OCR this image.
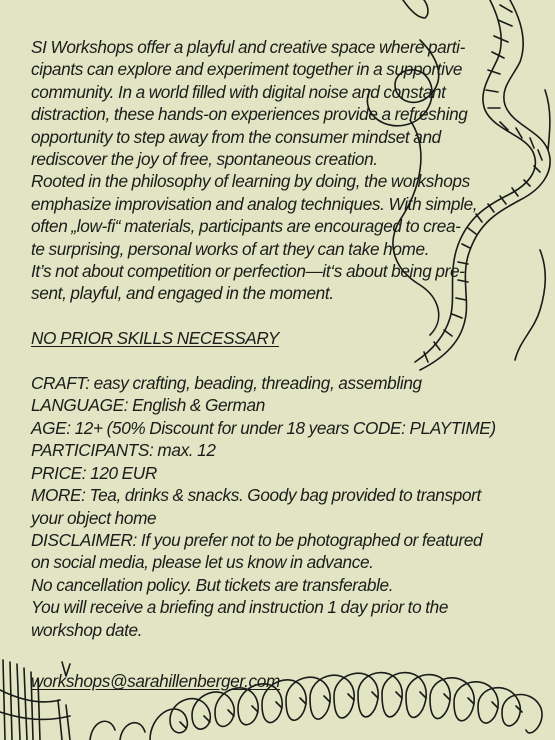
SI Workshops offer a playful and creative space where parti-

cipants can explore and experiment together in a supportive

community. In a world filled with digital noise and constant

distraction, these hands-on experiences provide a refreshing

opportunity to step away from the consumer mindset and

rediscover the joy of free, spontaneous creation.

Rooted in the philosophy of learning by doing, the workshops

emphasize improvisation and analog techniques. With simple,

often „low-fi“ materials, participants are encouraged to crea-

te surprising, personal works of art they can take home.

It’s not about competition or perfection—it‘s about being pre-

sent, playful, and engaged in the moment.

NO PRIOR SKILLS NECESSARY

CRAFT: easy crafting, beading, threading, assembling

LANGUAGE: English & German

AGE: 12+ (50% Discount for under 18 years CODE: PLAYTIME)

PARTICIPANTS: max. 12

PRICE: 120 EUR

MORE: Tea, drinks & snacks. Goody bag provided to transport

your object home

DISCLAIMER: If you prefer not to be photographed or featured

on social media, please let us know in advance.

No cancellation policy. But tickets are transferable.

You will receive a briefing and instruction 1 day prior to the

workshop date.

workshops@sarahillenberger.com
